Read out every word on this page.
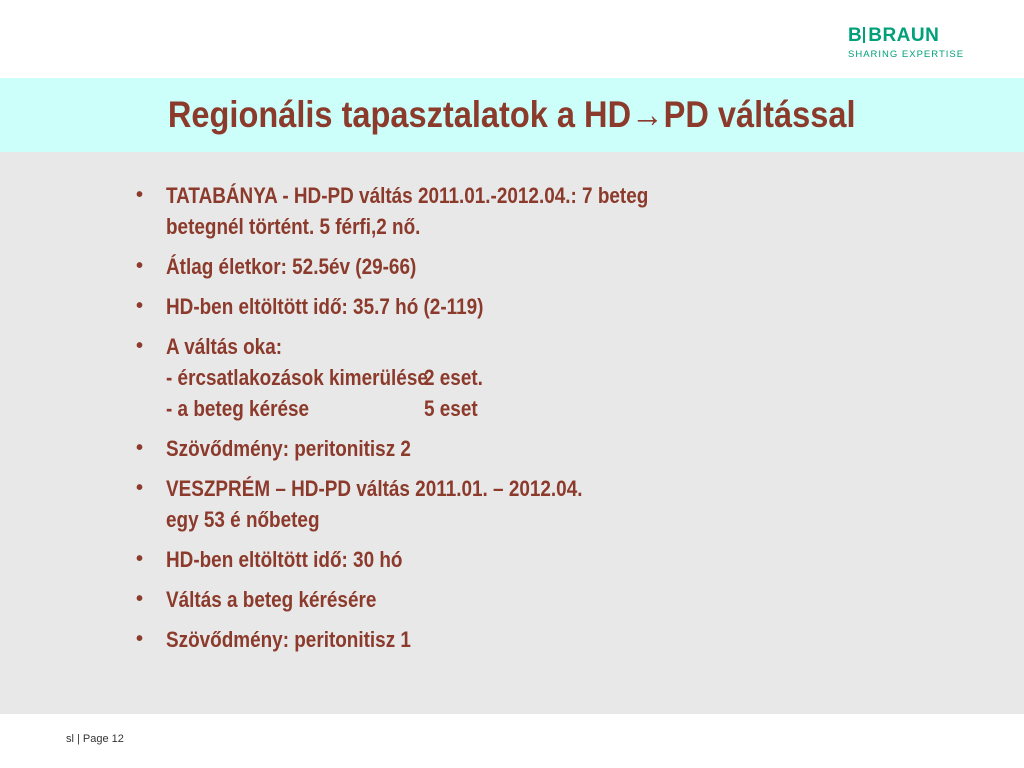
B BRAUN
SHARING EXPERTISE
Regionális tapasztalatok a HD→PD váltással
• TATABÁNYA - HD-PD váltás 2011.01.-2012.04.: 7 beteg
betegnél történt. 5 férfi,2 nő.
• Átlag életkor: 52.5év (29-66)
• HD-ben eltöltött idő: 35.7 hó (2-119)
• A váltás oka:
- ércsatlakozások kimerülése
2 eset.
- a beteg kérése	5 eset
• Szövődmény: peritonitisz 2
• VESZPRÉM – HD-PD váltás 2011.01. – 2012.04.
egy 53 é nőbeteg
• HD-ben eltöltött idő: 30 hó
• Váltás a beteg kérésére
• Szövődmény: peritonitisz 1
sl | Page 12
